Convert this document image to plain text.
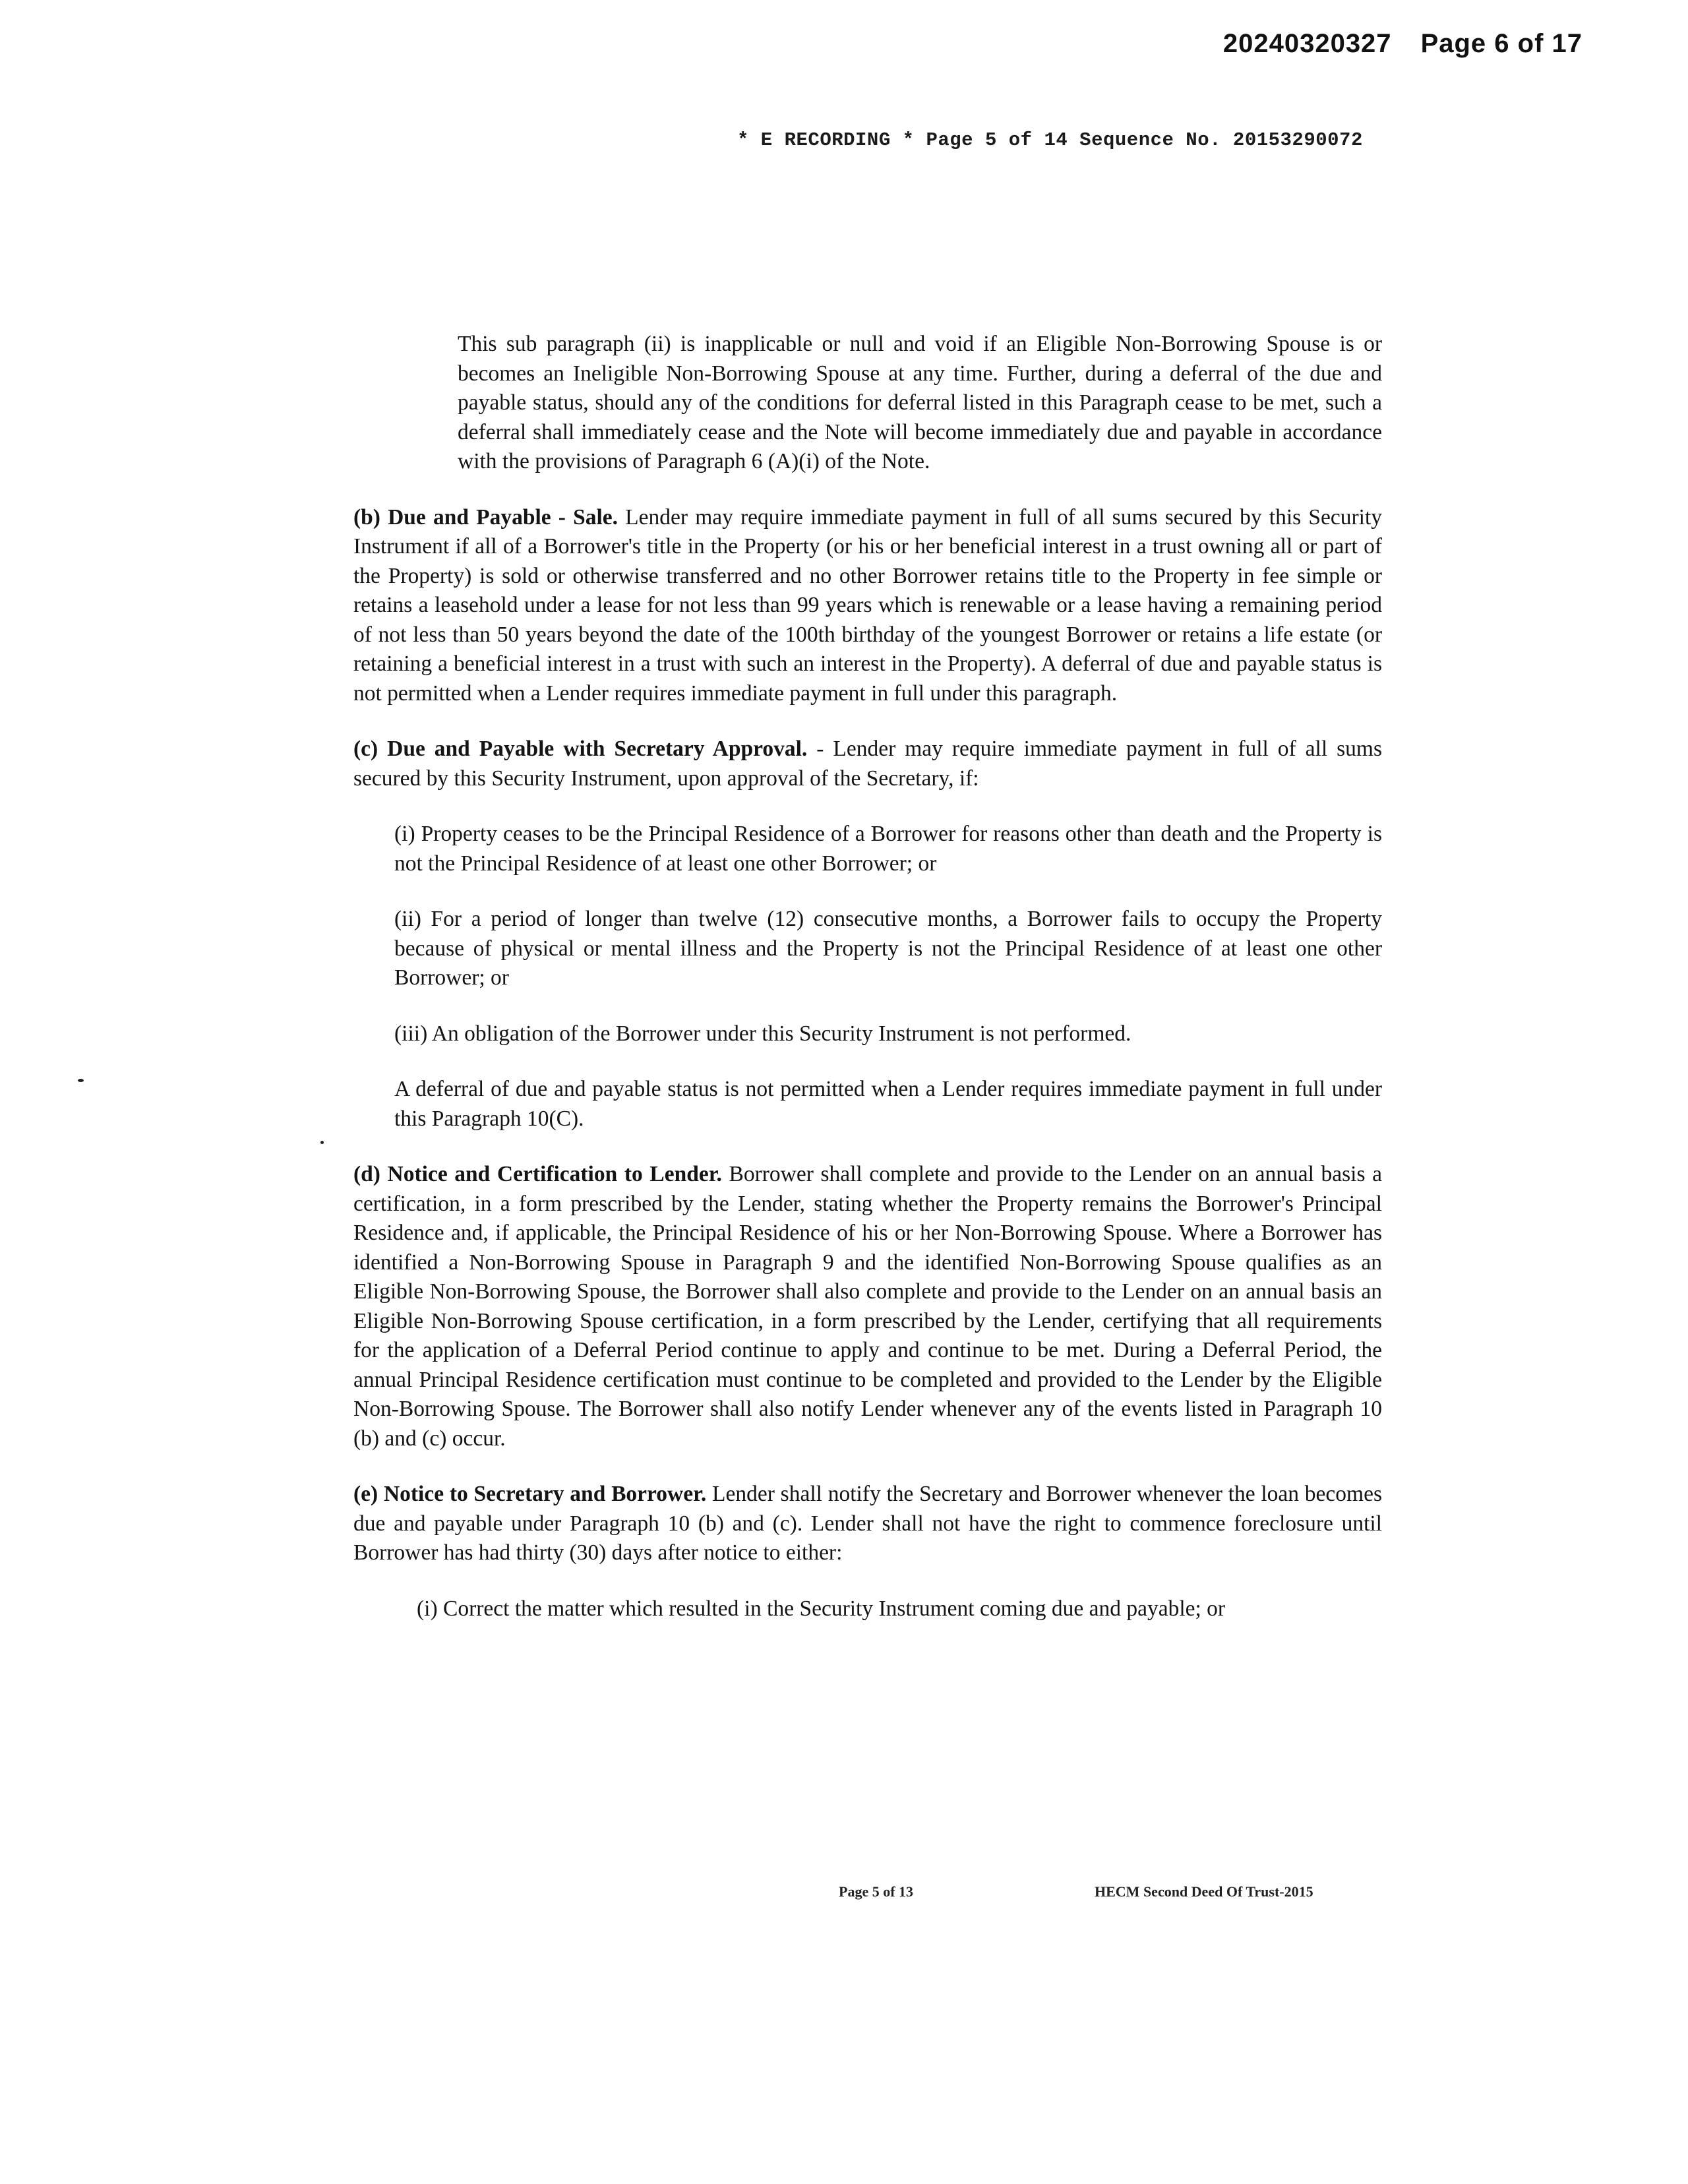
20240320327 Page 6 of 17
* E RECORDING * Page 5 of 14 Sequence No. 20153290072

This sub paragraph (ii) is inapplicable or null and void if an Eligible Non-Borrowing Spouse is or becomes an Ineligible Non-Borrowing Spouse at any time. Further, during a deferral of the due and payable status, should any of the conditions for deferral listed in this Paragraph cease to be met, such a deferral shall immediately cease and the Note will become immediately due and payable in accordance with the provisions of Paragraph 6 (A)(i) of the Note.

(b) Due and Payable - Sale. Lender may require immediate payment in full of all sums secured by this Security Instrument if all of a Borrower's title in the Property (or his or her beneficial interest in a trust owning all or part of the Property) is sold or otherwise transferred and no other Borrower retains title to the Property in fee simple or retains a leasehold under a lease for not less than 99 years which is renewable or a lease having a remaining period of not less than 50 years beyond the date of the 100th birthday of the youngest Borrower or retains a life estate (or retaining a beneficial interest in a trust with such an interest in the Property). A deferral of due and payable status is not permitted when a Lender requires immediate payment in full under this paragraph.

(c) Due and Payable with Secretary Approval. - Lender may require immediate payment in full of all sums secured by this Security Instrument, upon approval of the Secretary, if:

(i) Property ceases to be the Principal Residence of a Borrower for reasons other than death and the Property is not the Principal Residence of at least one other Borrower; or

(ii) For a period of longer than twelve (12) consecutive months, a Borrower fails to occupy the Property because of physical or mental illness and the Property is not the Principal Residence of at least one other Borrower; or

(iii) An obligation of the Borrower under this Security Instrument is not performed.

A deferral of due and payable status is not permitted when a Lender requires immediate payment in full under this Paragraph 10(C).

(d) Notice and Certification to Lender. Borrower shall complete and provide to the Lender on an annual basis a certification, in a form prescribed by the Lender, stating whether the Property remains the Borrower's Principal Residence and, if applicable, the Principal Residence of his or her Non-Borrowing Spouse. Where a Borrower has identified a Non-Borrowing Spouse in Paragraph 9 and the identified Non-Borrowing Spouse qualifies as an Eligible Non-Borrowing Spouse, the Borrower shall also complete and provide to the Lender on an annual basis an Eligible Non-Borrowing Spouse certification, in a form prescribed by the Lender, certifying that all requirements for the application of a Deferral Period continue to apply and continue to be met. During a Deferral Period, the annual Principal Residence certification must continue to be completed and provided to the Lender by the Eligible Non-Borrowing Spouse. The Borrower shall also notify Lender whenever any of the events listed in Paragraph 10 (b) and (c) occur.

(e) Notice to Secretary and Borrower. Lender shall notify the Secretary and Borrower whenever the loan becomes due and payable under Paragraph 10 (b) and (c). Lender shall not have the right to commence foreclosure until Borrower has had thirty (30) days after notice to either:

(i) Correct the matter which resulted in the Security Instrument coming due and payable; or

Page 5 of 13	HECM Second Deed Of Trust-2015
